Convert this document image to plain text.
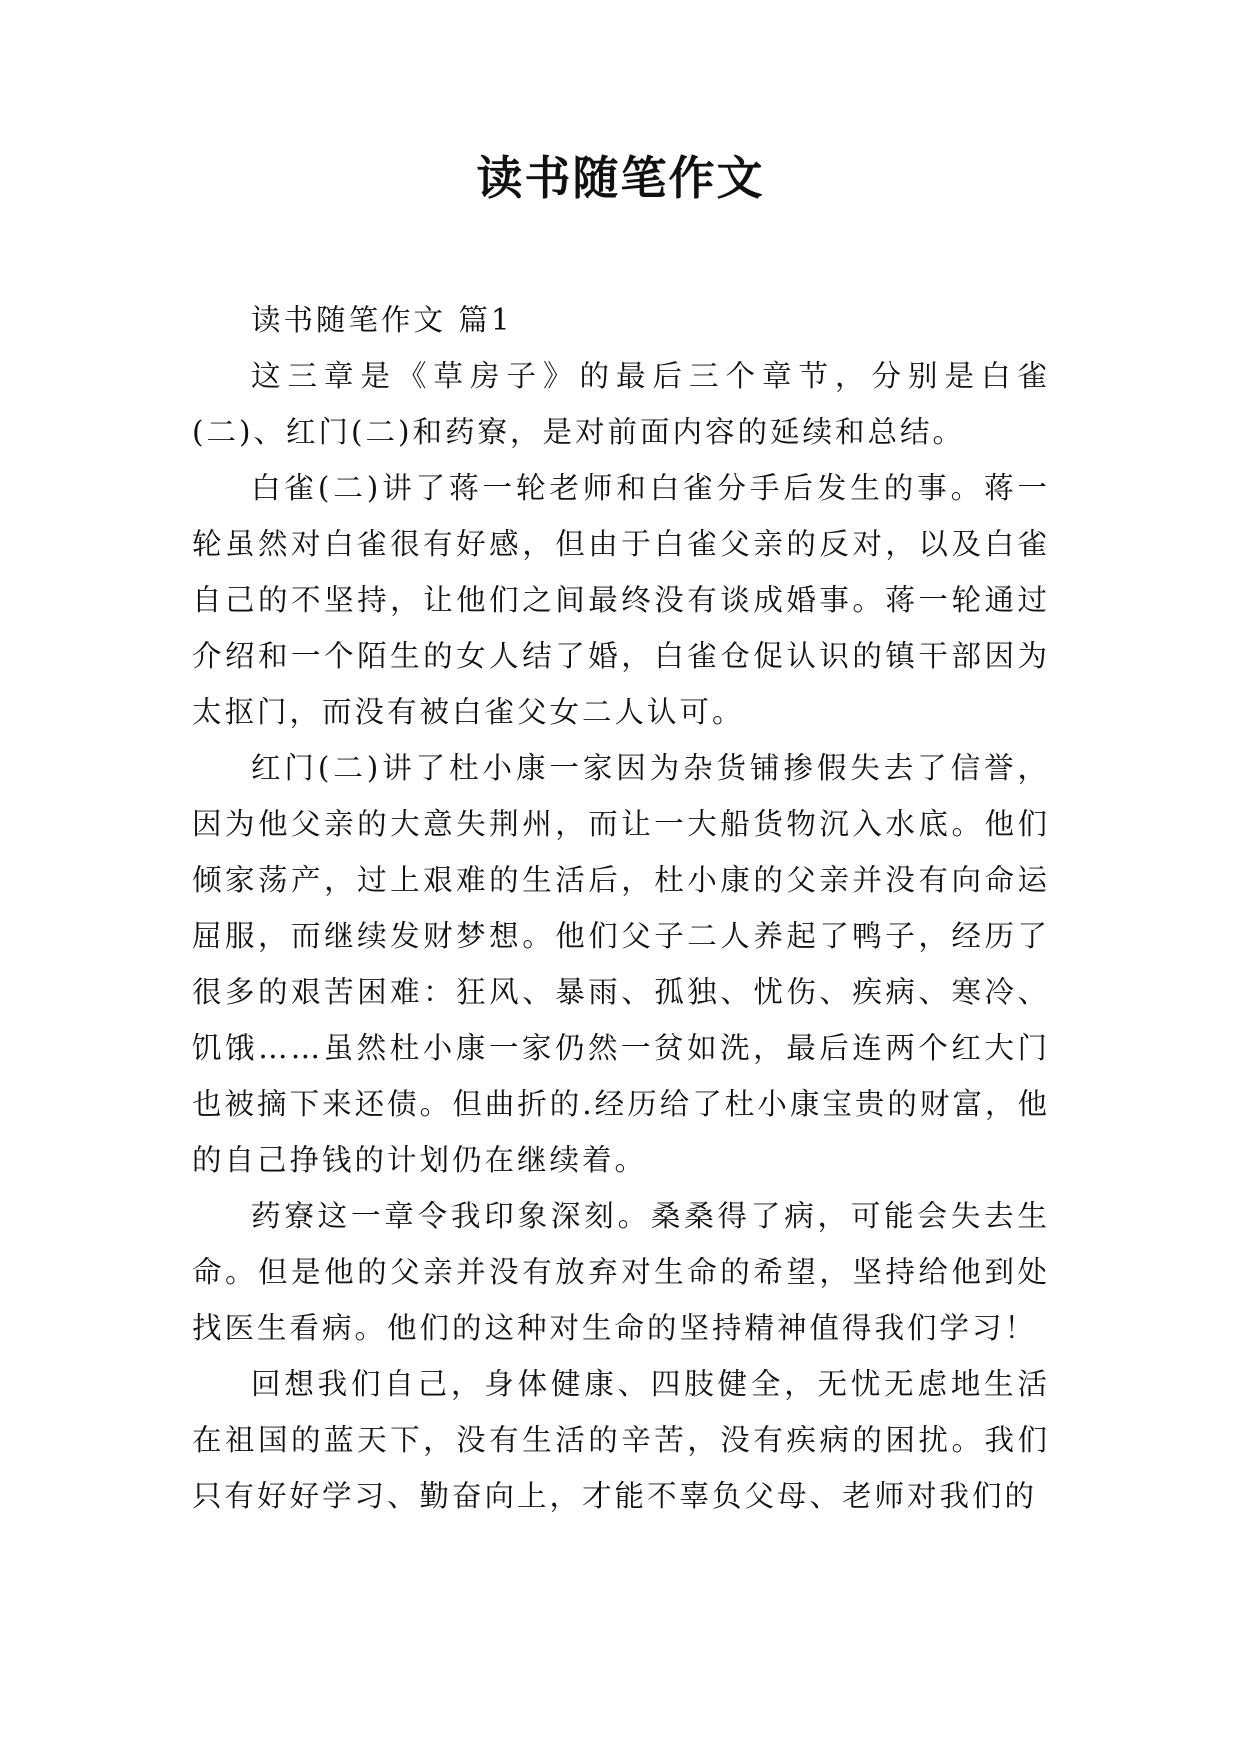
读书随笔作文

读书随笔作文 篇1

这三章是《草房子》的最后三个章节，分别是白雀(二)、红门(二)和药寮，是对前面内容的延续和总结。

白雀(二)讲了蒋一轮老师和白雀分手后发生的事。蒋一轮虽然对白雀很有好感，但由于白雀父亲的反对，以及白雀自己的不坚持，让他们之间最终没有谈成婚事。蒋一轮通过介绍和一个陌生的女人结了婚，白雀仓促认识的镇干部因为太抠门，而没有被白雀父女二人认可。

红门(二)讲了杜小康一家因为杂货铺掺假失去了信誉，因为他父亲的大意失荆州，而让一大船货物沉入水底。他们倾家荡产，过上艰难的生活后，杜小康的父亲并没有向命运屈服，而继续发财梦想。他们父子二人养起了鸭子，经历了很多的艰苦困难：狂风、暴雨、孤独、忧伤、疾病、寒冷、饥饿……虽然杜小康一家仍然一贫如洗，最后连两个红大门也被摘下来还债。但曲折的.经历给了杜小康宝贵的财富，他的自己挣钱的计划仍在继续着。

药寮这一章令我印象深刻。桑桑得了病，可能会失去生命。但是他的父亲并没有放弃对生命的希望，坚持给他到处找医生看病。他们的这种对生命的坚持精神值得我们学习！

回想我们自己，身体健康、四肢健全，无忧无虑地生活在祖国的蓝天下，没有生活的辛苦，没有疾病的困扰。我们只有好好学习、勤奋向上，才能不辜负父母、老师对我们的
